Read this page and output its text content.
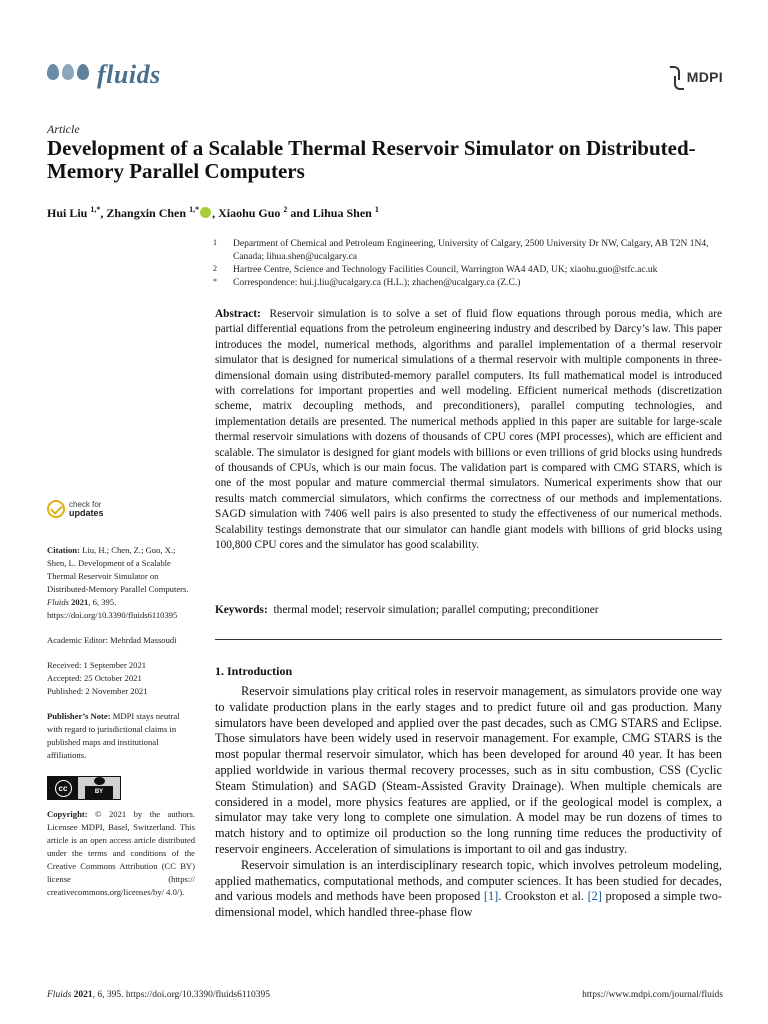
fluids	MDPI
Article
Development of a Scalable Thermal Reservoir Simulator on Distributed-Memory Parallel Computers
Hui Liu $^{1,*}$, Zhangxin Chen $^{1,*}$ , Xiaohu Guo $^2$ and Lihua Shen $^1$
1 Department of Chemical and Petroleum Engineering, University of Calgary, 2500 University Dr NW, Calgary, AB T2N 1N4, Canada; lihua.shen@ucalgary.ca
2 Hartree Centre, Science and Technology Facilities Council, Warrington WA4 4AD, UK; xiaohu.guo@stfc.ac.uk
* Correspondence: hui.j.liu@ucalgary.ca (H.L.); zhachen@ucalgary.ca (Z.C.)
Abstract: Reservoir simulation is to solve a set of fluid flow equations through porous media, which are partial differential equations from the petroleum engineering industry and described by Darcy’s law. This paper introduces the model, numerical methods, algorithms and parallel implementation of a thermal reservoir simulator that is designed for numerical simulations of a thermal reservoir with multiple components in three-dimensional domain using distributed-memory parallel computers. Its full mathematical model is introduced with correlations for important properties and well modeling. Efficient numerical methods (discretization scheme, matrix decoupling methods, and preconditioners), parallel computing technologies, and implementation details are presented. The numerical methods applied in this paper are suitable for large-scale thermal reservoir simulations with dozens of thousands of CPU cores (MPI processes), which are efficient and scalable. The simulator is designed for giant models with billions or even trillions of grid blocks using hundreds of thousands of CPUs, which is our main focus. The validation part is compared with CMG STARS, which is one of the most popular and mature commercial thermal simulators. Numerical experiments show that our results match commercial simulators, which confirms the correctness of our methods and implementations. SAGD simulation with 7406 well pairs is also presented to study the effectiveness of our numerical methods. Scalability testings demonstrate that our simulator can handle giant models with billions of grid blocks using 100,800 CPU cores and the simulator has good scalability.
Keywords: thermal model; reservoir simulation; parallel computing; preconditioner
1. Introduction

Reservoir simulations play critical roles in reservoir management, as simulators provide one way to validate production plans in the early stages and to predict future oil and gas production. Many simulators have been developed and applied over the past decades, such as CMG STARS and Eclipse. Those simulators have been widely used in reservoir management. For example, CMG STARS is the most popular thermal reservoir simulator, which has been developed for around 40 year. It has been applied worldwide in various thermal recovery processes, such as in situ combustion, CSS (Cyclic Steam Stimulation) and SAGD (Steam-Assisted Gravity Drainage). When multiple chemicals are considered in a model, more physics features are applied, or if the geological model is complex, a simulator may take very long to complete one simulation. A model may be run dozens of times to match history and to optimize oil production so the long running time reduces the productivity of reservoir engineers. Acceleration of simulations is important to oil and gas industry.

Reservoir simulation is an interdisciplinary research topic, which involves petroleum modeling, applied mathematics, computational methods, and computer sciences. It has been studied for decades, and various models and methods have been proposed [1]. Crookston et al. [2] proposed a simple two-dimensional model, which handled three-phase flow

check for
updates
Citation: Liu, H.; Chen, Z.; Guo, X.; Shen, L. Development of a Scalable Thermal Reservoir Simulator on Distributed-Memory Parallel Computers. Fluids 2021, 6, 395. https://doi.org/10.3390/fluids6110395
Academic Editor: Mehrdad Massoudi
Received: 1 September 2021
Accepted: 25 October 2021
Published: 2 November 2021
Publisher’s Note: MDPI stays neutral with regard to jurisdictional claims in published maps and institutional affiliations.
cc	BY
Copyright: © 2021 by the authors. Licensee MDPI, Basel, Switzerland. This article is an open access article distributed under the terms and conditions of the Creative Commons Attribution (CC BY) license (https:// creativecommons.org/licenses/by/ 4.0/).
Fluids 2021, 6, 395. https://doi.org/10.3390/fluids6110395	https://www.mdpi.com/journal/fluids
